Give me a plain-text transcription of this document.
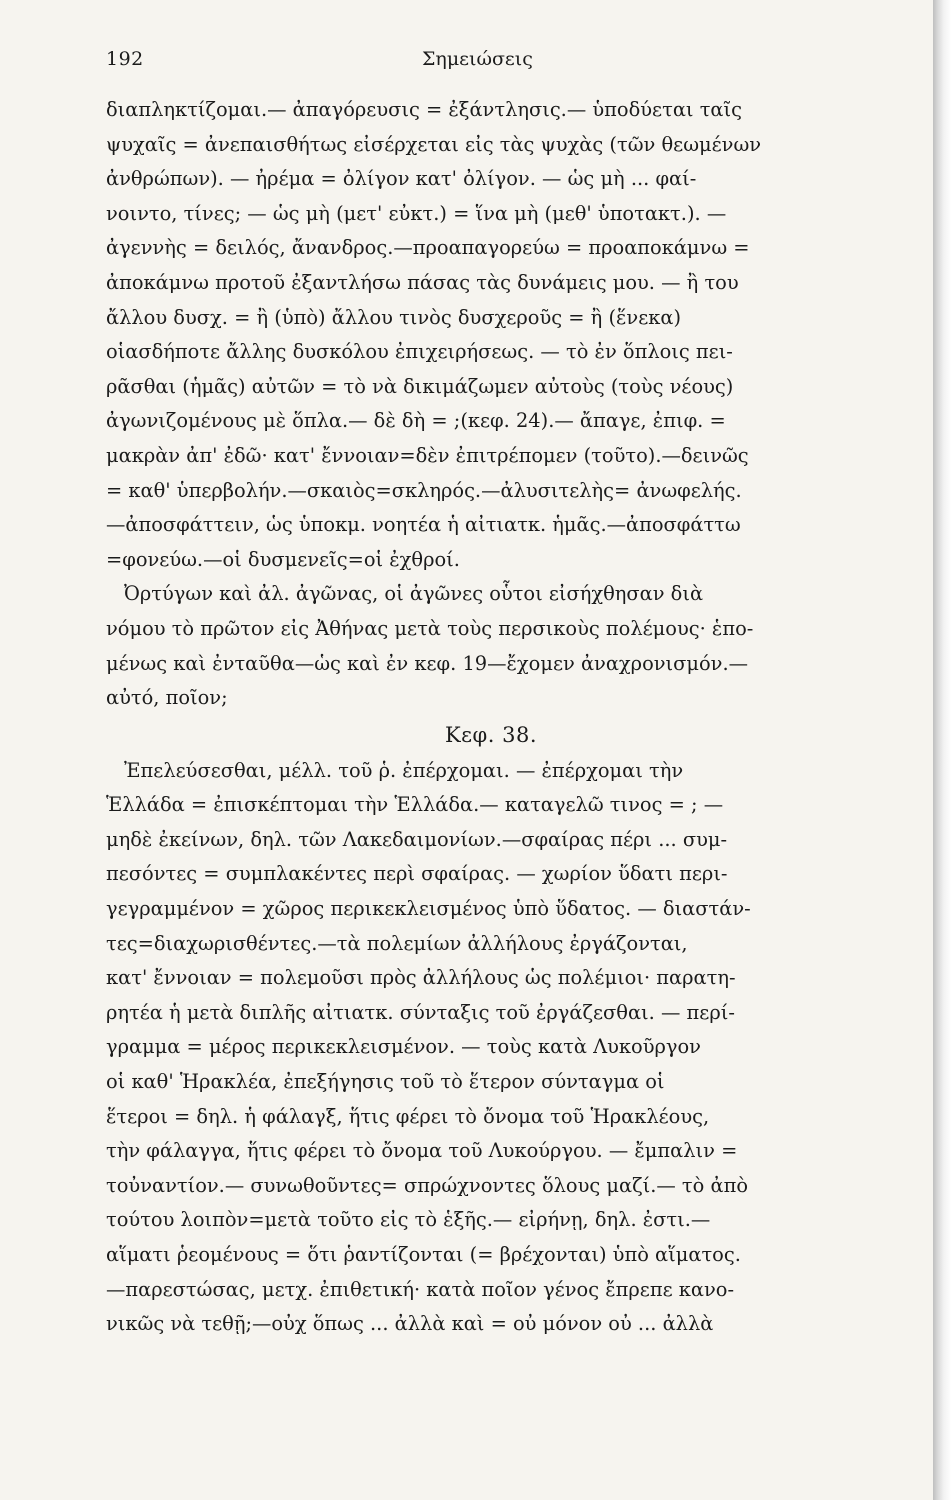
192	Σημειώσεις
διαπληκτίζομαι.— ἀπαγόρευσις = ἐξάντλησις.— ὑποδύεται ταῖς
ψυχαῖς = ἀνεπαισθήτως εἰσέρχεται εἰς τὰς ψυχὰς (τῶν θεωμένων
ἀνθρώπων). — ἠρέμα = ὀλίγον κατ' ὀλίγον. — ὡς μὴ ... φαί-
νοιντο, τίνες; — ὡς μὴ (μετ' εὐκτ.) = ἵνα μὴ (μεθ' ὑποτακτ.). —
ἀγεννὴς = δειλός, ἄνανδρος.—προαπαγορεύω = προαποκάμνω =
ἀποκάμνω προτοῦ ἐξαντλήσω πάσας τὰς δυνάμεις μου. — ἢ του
ἄλλου δυσχ. = ἢ (ὑπὸ) ἄλλου τινὸς δυσχεροῦς = ἢ (ἕνεκα)
οἱασδήποτε ἄλλης δυσκόλου ἐπιχειρήσεως. — τὸ ἐν ὅπλοις πει-
ρᾶσθαι (ἡμᾶς) αὐτῶν = τὸ νὰ δικιμάζωμεν αὐτοὺς (τοὺς νέους)
ἀγωνιζομένους μὲ ὅπλα.— δὲ δὴ = ;(κεφ. 24).— ἄπαγε, ἐπιφ. =
μακρὰν ἀπ' ἐδῶ· κατ' ἔννοιαν=δὲν ἐπιτρέπομεν (τοῦτο).—δεινῶς
= καθ' ὑπερβολήν.—σκαιὸς=σκληρός.—ἀλυσιτελὴς= ἀνωφελής.
—ἀποσφάττειν, ὡς ὑποκμ. νοητέα ἡ αἰτιατκ. ἡμᾶς.—ἀποσφάττω
=φονεύω.—οἱ δυσμενεῖς=οἱ ἐχθροί.
Ὀρτύγων καὶ ἀλ. ἀγῶνας, οἱ ἀγῶνες οὗτοι εἰσήχθησαν διὰ
νόμου τὸ πρῶτον εἰς Ἀθήνας μετὰ τοὺς περσικοὺς πολέμους· ἑπο-
μένως καὶ ἐνταῦθα—ὡς καὶ ἐν κεφ. 19—ἔχομεν ἀναχρονισμόν.—
αὐτό, ποῖον;
Κεφ. 38.
Ἐπελεύσεσθαι, μέλλ. τοῦ ῥ. ἐπέρχομαι. — ἐπέρχομαι τὴν
Ἑλλάδα = ἐπισκέπτομαι τὴν Ἑλλάδα.— καταγελῶ τινος = ; —
μηδὲ ἐκείνων, δηλ. τῶν Λακεδαιμονίων.—σφαίρας πέρι ... συμ-
πεσόντες = συμπλακέντες περὶ σφαίρας. — χωρίον ὕδατι περι-
γεγραμμένον = χῶρος περικεκλεισμένος ὑπὸ ὕδατος. — διαστάν-
τες=διαχωρισθέντες.—τὰ πολεμίων ἀλλήλους ἐργάζονται,
κατ' ἔννοιαν = πολεμοῦσι πρὸς ἀλλήλους ὡς πολέμιοι· παρατη-
ρητέα ἡ μετὰ διπλῆς αἰτιατκ. σύνταξις τοῦ ἐργάζεσθαι. — περί-
γραμμα = μέρος περικεκλεισμένον. — τοὺς κατὰ Λυκοῦργον
οἱ καθ' Ἡρακλέα, ἐπεξήγησις τοῦ τὸ ἕτερον σύνταγμα οἱ
ἕτεροι = δηλ. ἡ φάλαγξ, ἥτις φέρει τὸ ὄνομα τοῦ Ἡρακλέους,
τὴν φάλαγγα, ἥτις φέρει τὸ ὄνομα τοῦ Λυκούργου. — ἔμπαλιν =
τοὐναντίον.— συνωθοῦντες= σπρώχνοντες ὅλους μαζί.— τὸ ἀπὸ
τούτου λοιπὸν=μετὰ τοῦτο εἰς τὸ ἑξῆς.— εἰρήνῃ, δηλ. ἐστι.—
αἵματι ῥεομένους = ὅτι ῥαντίζονται (= βρέχονται) ὑπὸ αἵματος.
—παρεστώσας, μετχ. ἐπιθετική· κατὰ ποῖον γένος ἔπρεπε κανο-
νικῶς νὰ τεθῇ;—οὐχ ὅπως ... ἀλλὰ καὶ = οὐ μόνον οὐ ... ἀλλὰ
